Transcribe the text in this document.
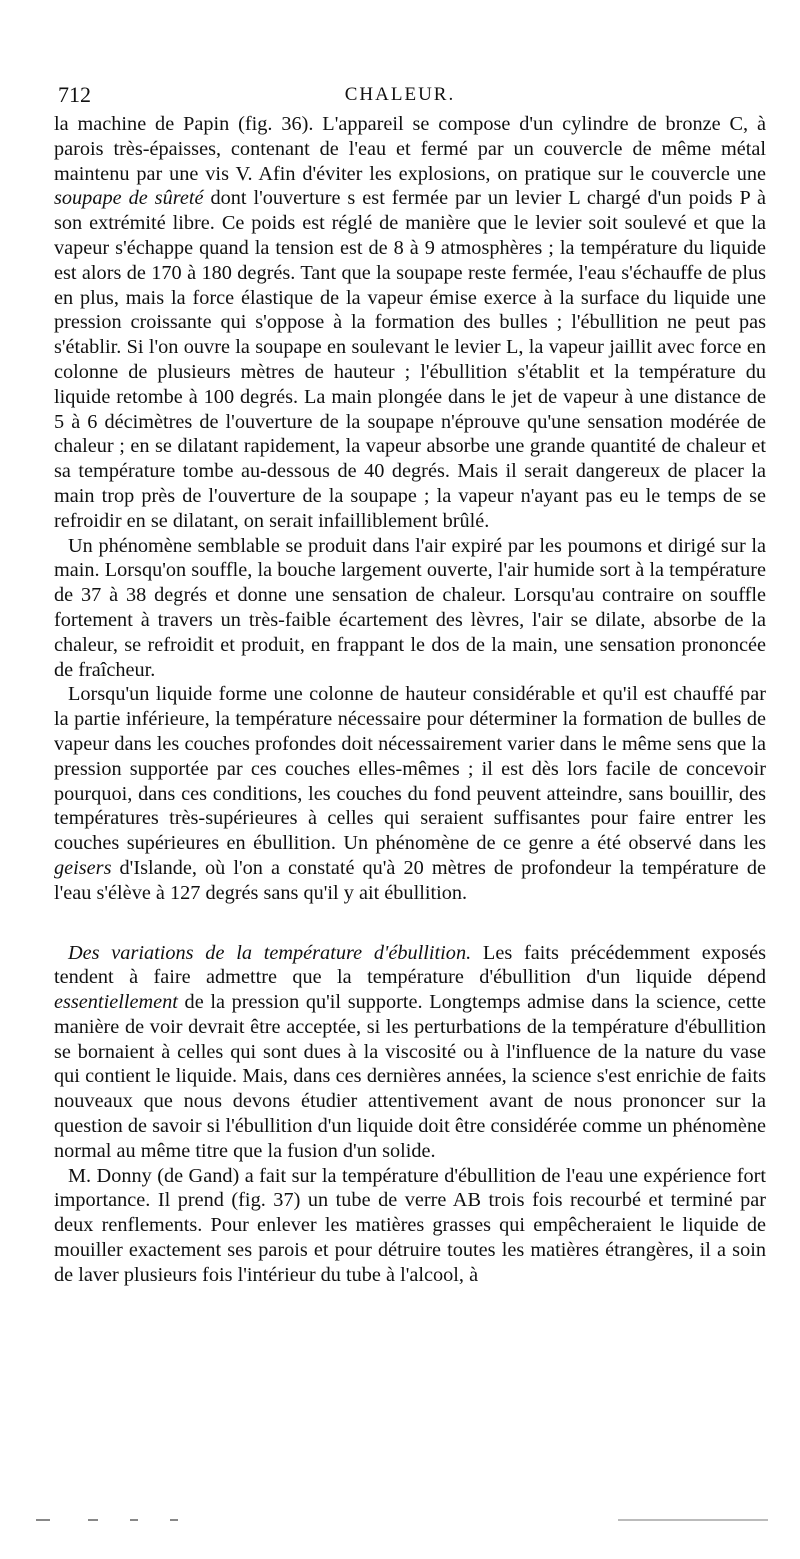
712	CHALEUR.

la machine de Papin (fig. 36). L'appareil se compose d'un cylindre de bronze C, à parois très-épaisses, contenant de l'eau et fermé par un couvercle de même métal maintenu par une vis V. Afin d'éviter les explosions, on pratique sur le couvercle une soupape de sûreté dont l'ouverture s est fermée par un levier L chargé d'un poids P à son extrémité libre. Ce poids est réglé de manière que le levier soit soulevé et que la vapeur s'échappe quand la tension est de 8 à 9 atmosphères ; la température du liquide est alors de 170 à 180 degrés. Tant que la soupape reste fermée, l'eau s'échauffe de plus en plus, mais la force élastique de la vapeur émise exerce à la surface du liquide une pression croissante qui s'oppose à la formation des bulles ; l'ébullition ne peut pas s'établir. Si l'on ouvre la soupape en soulevant le levier L, la vapeur jaillit avec force en colonne de plusieurs mètres de hauteur ; l'ébullition s'établit et la température du liquide retombe à 100 degrés. La main plongée dans le jet de vapeur à une distance de 5 à 6 décimètres de l'ouverture de la soupape n'éprouve qu'une sensation modérée de chaleur ; en se dilatant rapidement, la vapeur absorbe une grande quantité de chaleur et sa température tombe au-dessous de 40 degrés. Mais il serait dangereux de placer la main trop près de l'ouverture de la soupape ; la vapeur n'ayant pas eu le temps de se refroidir en se dilatant, on serait infailliblement brûlé.

Un phénomène semblable se produit dans l'air expiré par les poumons et dirigé sur la main. Lorsqu'on souffle, la bouche largement ouverte, l'air humide sort à la température de 37 à 38 degrés et donne une sensation de chaleur. Lorsqu'au contraire on souffle fortement à travers un très-faible écartement des lèvres, l'air se dilate, absorbe de la chaleur, se refroidit et produit, en frappant le dos de la main, une sensation prononcée de fraîcheur.

Lorsqu'un liquide forme une colonne de hauteur considérable et qu'il est chauffé par la partie inférieure, la température nécessaire pour déterminer la formation de bulles de vapeur dans les couches profondes doit nécessairement varier dans le même sens que la pression supportée par ces couches elles-mêmes ; il est dès lors facile de concevoir pourquoi, dans ces conditions, les couches du fond peuvent atteindre, sans bouillir, des températures très-supérieures à celles qui seraient suffisantes pour faire entrer les couches supérieures en ébullition. Un phénomène de ce genre a été observé dans les geisers d'Islande, où l'on a constaté qu'à 20 mètres de profondeur la température de l'eau s'élève à 127 degrés sans qu'il y ait ébullition.

Des variations de la température d'ébullition. Les faits précédemment exposés tendent à faire admettre que la température d'ébullition d'un liquide dépend essentiellement de la pression qu'il supporte. Longtemps admise dans la science, cette manière de voir devrait être acceptée, si les perturbations de la température d'ébullition se bornaient à celles qui sont dues à la viscosité ou à l'influence de la nature du vase qui contient le liquide. Mais, dans ces dernières années, la science s'est enrichie de faits nouveaux que nous devons étudier attentivement avant de nous prononcer sur la question de savoir si l'ébullition d'un liquide doit être considérée comme un phénomène normal au même titre que la fusion d'un solide.

M. Donny (de Gand) a fait sur la température d'ébullition de l'eau une expérience fort importance. Il prend (fig. 37) un tube de verre AB trois fois recourbé et terminé par deux renflements. Pour enlever les matières grasses qui empêcheraient le liquide de mouiller exactement ses parois et pour détruire toutes les matières étrangères, il a soin de laver plusieurs fois l'intérieur du tube à l'alcool, à
